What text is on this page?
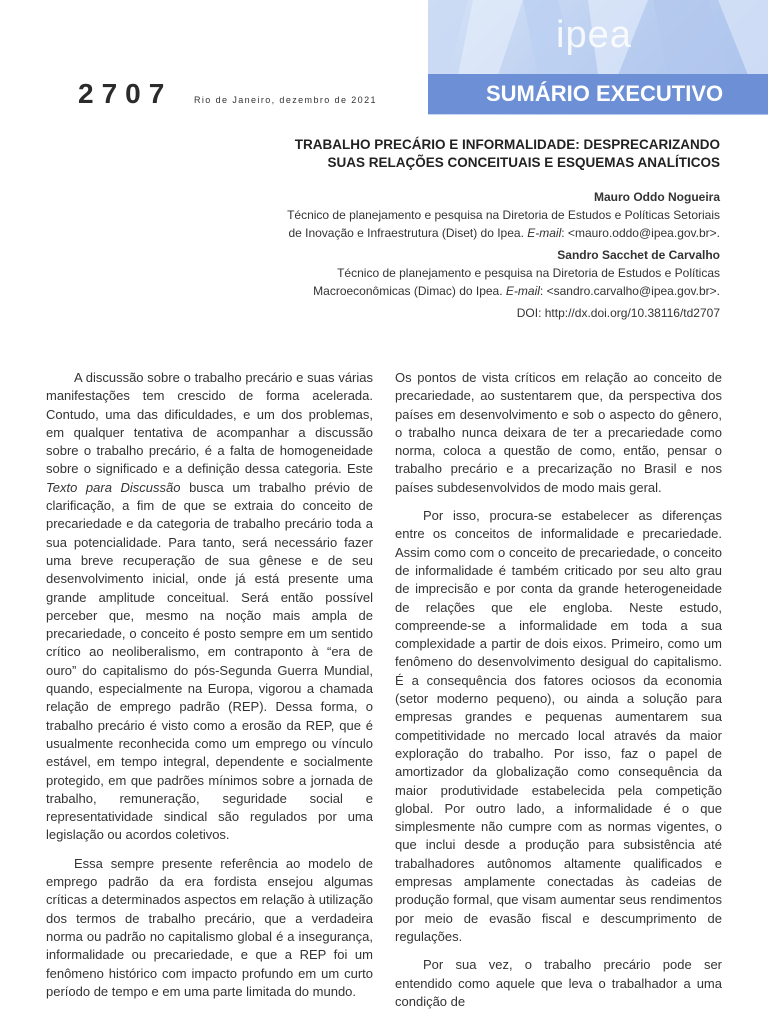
ipea
SUMÁRIO EXECUTIVO
2707 Rio de Janeiro, dezembro de 2021
TRABALHO PRECÁRIO E INFORMALIDADE: DESPRECARIZANDO
SUAS RELAÇÕES CONCEITUAIS E ESQUEMAS ANALÍTICOS
Mauro Oddo Nogueira
Técnico de planejamento e pesquisa na Diretoria de Estudos e Políticas Setoriais
de Inovação e Infraestrutura (Diset) do Ipea. E-mail: <mauro.oddo@ipea.gov.br>.
Sandro Sacchet de Carvalho
Técnico de planejamento e pesquisa na Diretoria de Estudos e Políticas
Macroeconômicas (Dimac) do Ipea. E-mail: <sandro.carvalho@ipea.gov.br>.
DOI: http://dx.doi.org/10.38116/td2707

A discussão sobre o trabalho precário e suas várias manifestações tem crescido de forma acelerada. Contudo, uma das dificuldades, e um dos problemas, em qualquer tentativa de acompanhar a discussão sobre o trabalho precário, é a falta de homogeneidade sobre o significado e a definição dessa categoria. Este Texto para Discussão busca um trabalho prévio de clarificação, a fim de que se extraia do conceito de precariedade e da categoria de trabalho precário toda a sua potencialidade. Para tanto, será necessário fazer uma breve recuperação de sua gênese e de seu desenvolvimento inicial, onde já está presente uma grande amplitude conceitual. Será então possível perceber que, mesmo na noção mais ampla de precariedade, o conceito é posto sempre em um sentido crítico ao neoliberalismo, em contraponto à “era de ouro” do capitalismo do pós-Segunda Guerra Mundial, quando, especialmente na Europa, vigorou a chamada relação de emprego padrão (REP). Dessa forma, o trabalho precário é visto como a erosão da REP, que é usualmente reconhecida como um emprego ou vínculo estável, em tempo integral, dependente e socialmente protegido, em que padrões mínimos sobre a jornada de trabalho, remuneração, seguridade social e representatividade sindical são regulados por uma legislação ou acordos coletivos.

Essa sempre presente referência ao modelo de emprego padrão da era fordista ensejou algumas críticas a determinados aspectos em relação à utilização dos termos de trabalho precário, que a verdadeira norma ou padrão no capitalismo global é a insegurança, informalidade ou precariedade, e que a REP foi um fenômeno histórico com impacto profundo em um curto período de tempo e em uma parte limitada do mundo.

Os pontos de vista críticos em relação ao conceito de precariedade, ao sustentarem que, da perspectiva dos países em desenvolvimento e sob o aspecto do gênero, o trabalho nunca deixara de ter a precariedade como norma, coloca a questão de como, então, pensar o trabalho precário e a precarização no Brasil e nos países subdesenvolvidos de modo mais geral.

Por isso, procura-se estabelecer as diferenças entre os conceitos de informalidade e precariedade. Assim como com o conceito de precariedade, o conceito de informalidade é também criticado por seu alto grau de imprecisão e por conta da grande heterogeneidade de relações que ele engloba. Neste estudo, compreende-se a informalidade em toda a sua complexidade a partir de dois eixos. Primeiro, como um fenômeno do desenvolvimento desigual do capitalismo. É a consequência dos fatores ociosos da economia (setor moderno pequeno), ou ainda a solução para empresas grandes e pequenas aumentarem sua competitividade no mercado local através da maior exploração do trabalho. Por isso, faz o papel de amortizador da globalização como consequência da maior produtividade estabelecida pela competição global. Por outro lado, a informalidade é o que simplesmente não cumpre com as normas vigentes, o que inclui desde a produção para subsistência até trabalhadores autônomos altamente qualificados e empresas amplamente conectadas às cadeias de produção formal, que visam aumentar seus rendimentos por meio de evasão fiscal e descumprimento de regulações.

Por sua vez, o trabalho precário pode ser entendido como aquele que leva o trabalhador a uma condição de
